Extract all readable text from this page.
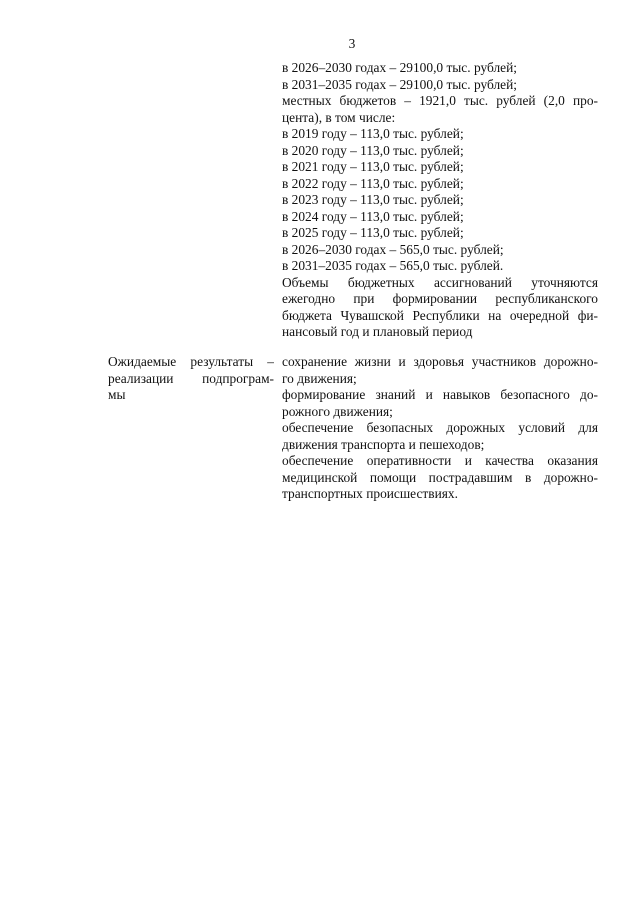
3
в 2026–2030 годах – 29100,0 тыс. рублей;
в 2031–2035 годах – 29100,0 тыс. рублей;
местных бюджетов – 1921,0 тыс. рублей (2,0 про-
цента), в том числе:
в 2019 году – 113,0 тыс. рублей;
в 2020 году – 113,0 тыс. рублей;
в 2021 году – 113,0 тыс. рублей;
в 2022 году – 113,0 тыс. рублей;
в 2023 году – 113,0 тыс. рублей;
в 2024 году – 113,0 тыс. рублей;
в 2025 году – 113,0 тыс. рублей;
в 2026–2030 годах – 565,0 тыс. рублей;
в 2031–2035 годах – 565,0 тыс. рублей.
Объемы бюджетных ассигнований уточняются
ежегодно при формировании республиканского
бюджета Чувашской Республики на очередной фи-
нансовый год и плановый период
Ожидаемые результаты –
реализации подпрограм-
мы
сохранение жизни и здоровья участников дорожно-
го движения;
формирование знаний и навыков безопасного до-
рожного движения;
обеспечение безопасных дорожных условий для
движения транспорта и пешеходов;
обеспечение оперативности и качества оказания
медицинской помощи пострадавшим в дорожно-
транспортных происшествиях.
